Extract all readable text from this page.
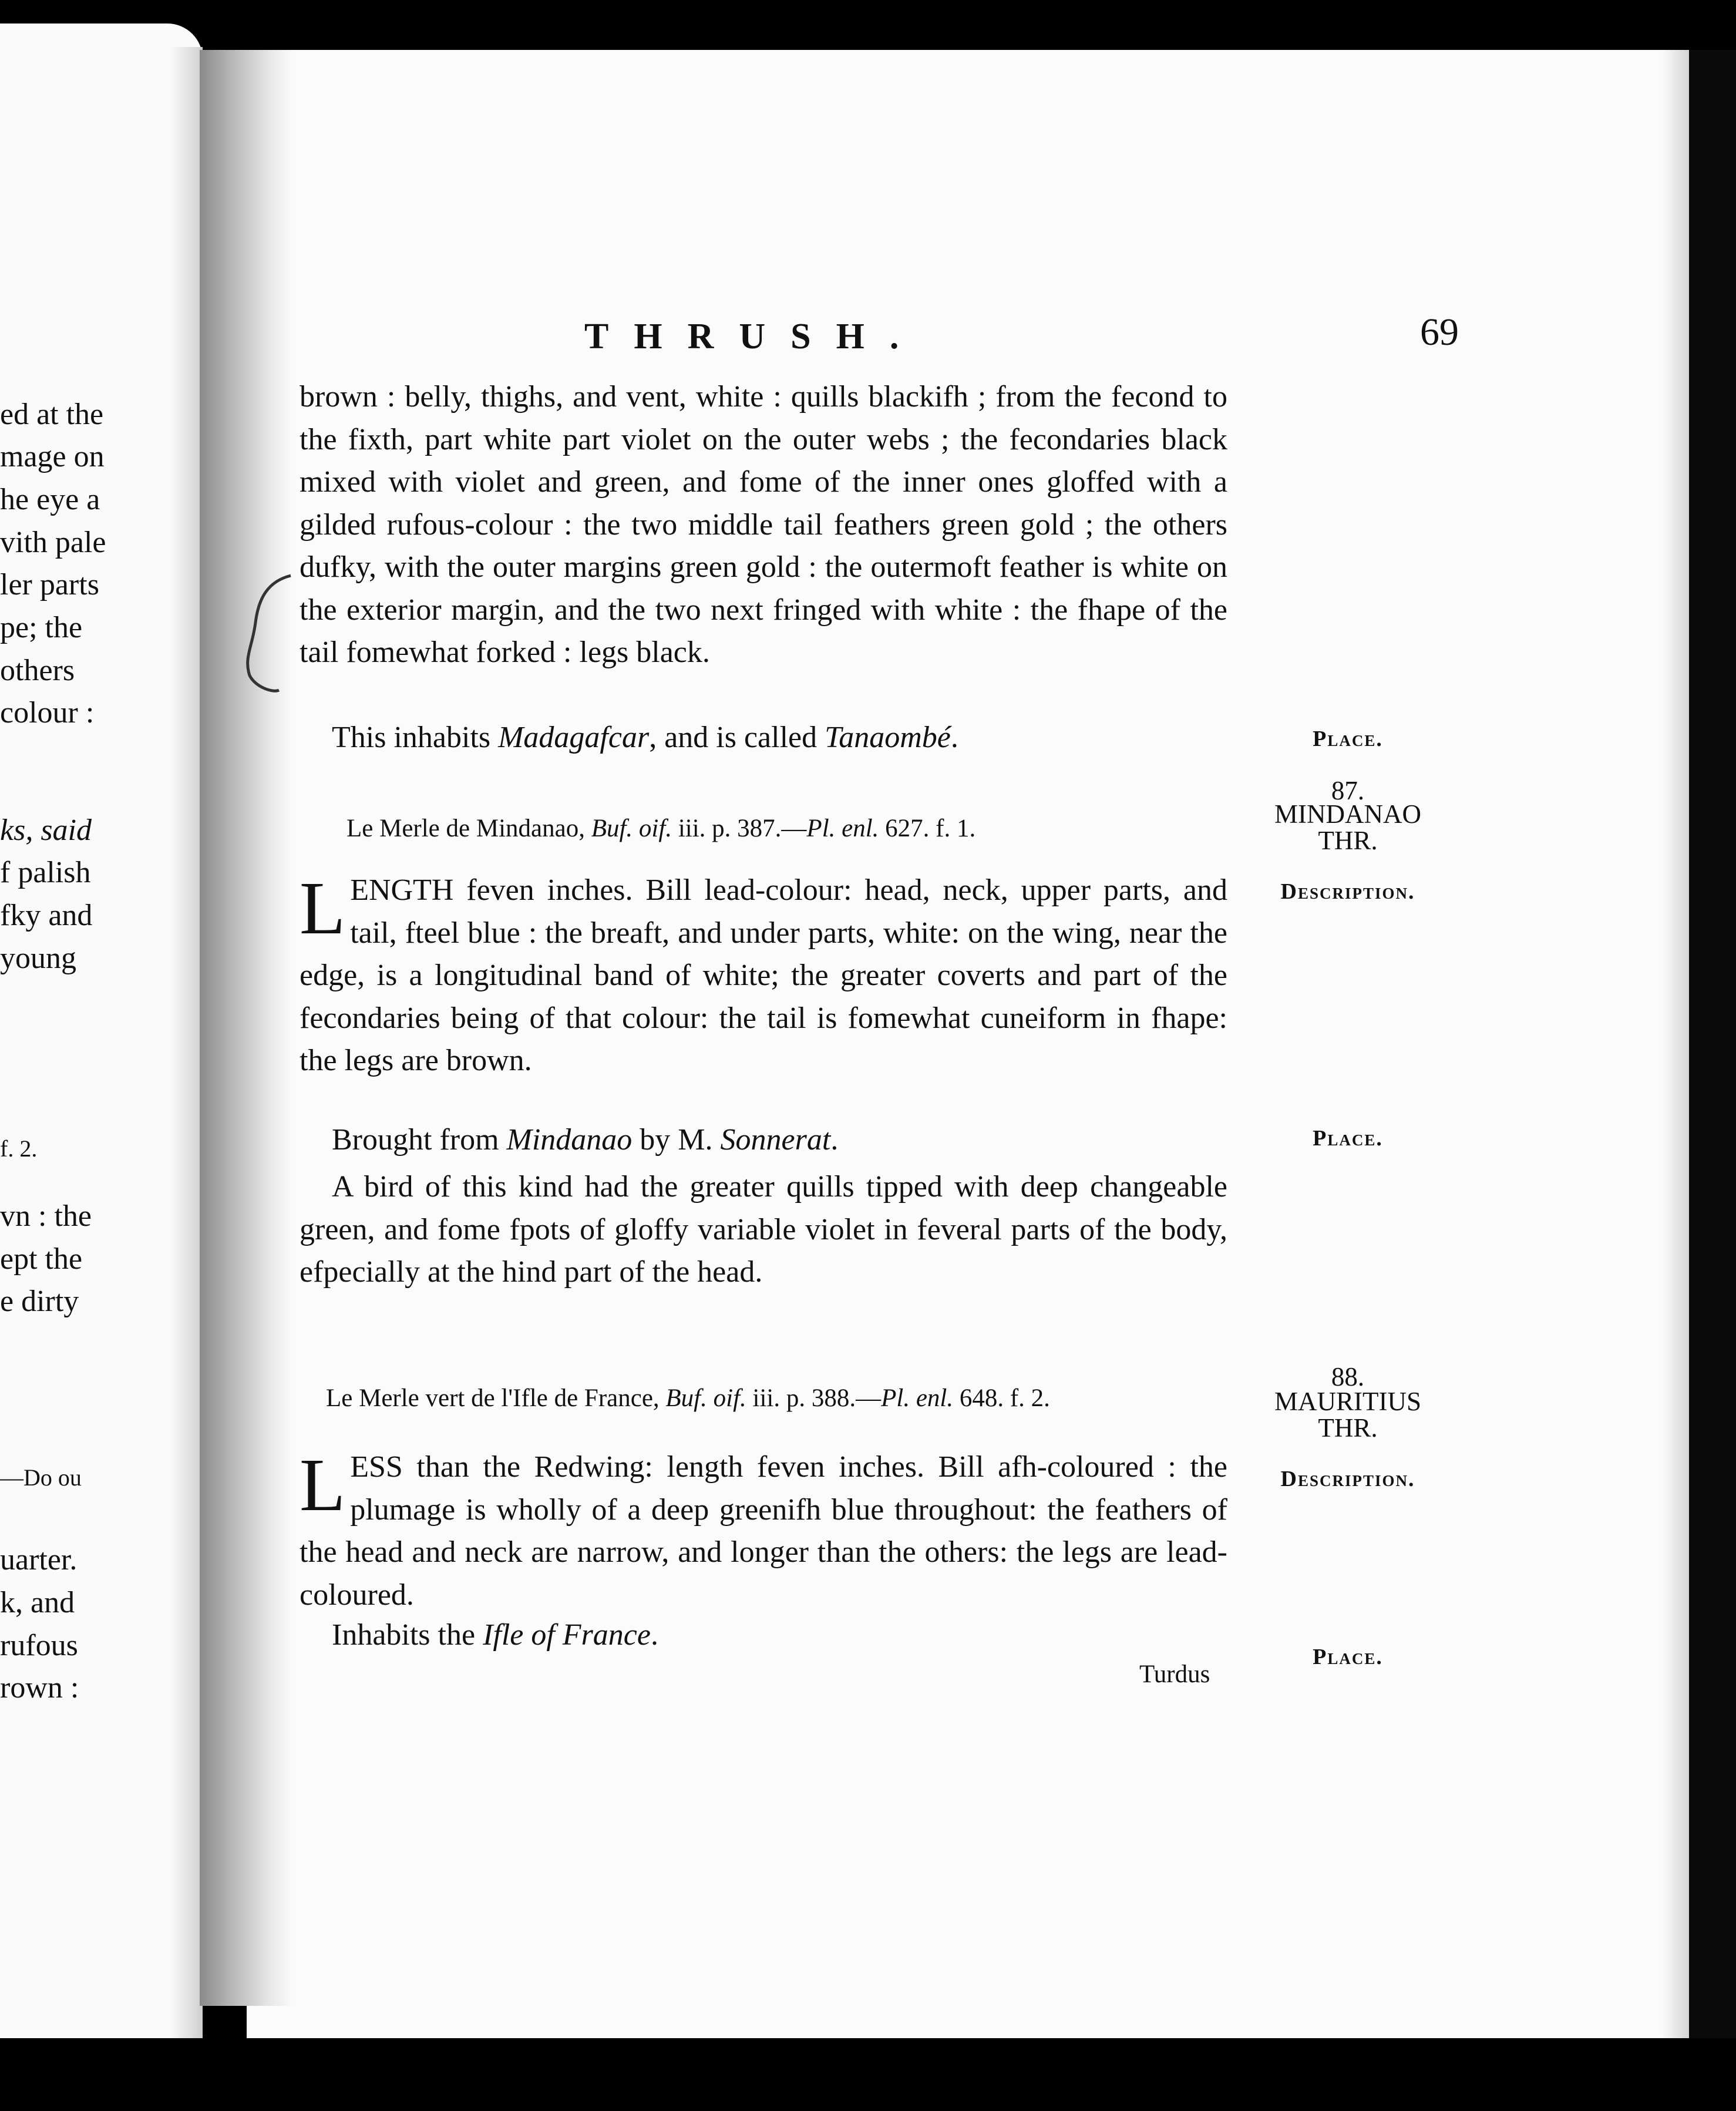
ed at the
mage on
he eye a
vith pale
ler parts
pe; the
others
colour :
ks, said
f palish
fky and
young
f. 2.
vn : the
ept the
e dirty
—Do ou
uarter.
k, and
rufous
rown :
THRUSH.	69
brown : belly, thighs, and vent, white : quills blackifh ; from the fecond to the fixth, part white part violet on the outer webs ; the fecondaries black mixed with violet and green, and fome of the inner ones gloffed with a gilded rufous-colour : the two middle tail feathers green gold ; the others dufky, with the outer margins green gold : the outermoft feather is white on the exterior margin, and the two next fringed with white : the fhape of the tail fomewhat forked : legs black.
This inhabits Madagafcar, and is called Tanaombé.	Place.
87.
MINDANAO
THR.
Le Merle de Mindanao, Buf. oif. iii. p. 387.—Pl. enl. 627. f. 1.
Description.
LENGTH feven inches. Bill lead-colour: head, neck, upper parts, and tail, fteel blue : the breaft, and under parts, white: on the wing, near the edge, is a longitudinal band of white; the greater coverts and part of the fecondaries being of that colour: the tail is fomewhat cuneiform in fhape: the legs are brown.
Brought from Mindanao by M. Sonnerat.	Place.
A bird of this kind had the greater quills tipped with deep changeable green, and fome fpots of gloffy variable violet in feveral parts of the body, efpecially at the hind part of the head.
88.
MAURITIUS
THR.
Le Merle vert de l'Ifle de France, Buf. oif. iii. p. 388.—Pl. enl. 648. f. 2.
Description.
LESS than the Redwing: length feven inches. Bill afh-coloured : the plumage is wholly of a deep greenifh blue throughout: the feathers of the head and neck are narrow, and longer than the others: the legs are lead-coloured.
Inhabits the Ifle of France.
Place.
Turdus
